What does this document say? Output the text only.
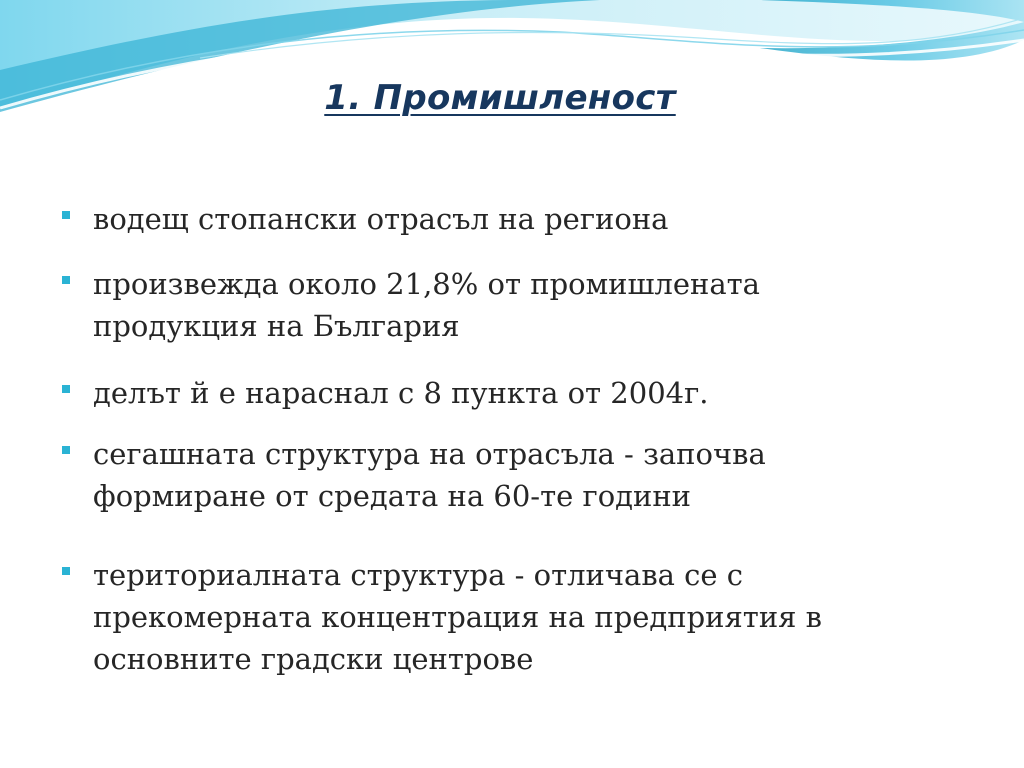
1. Промишленост
водещ стопански отрасъл на региона
произвежда около 21,8% от промишлената
продукция на България
делът й е нараснал с 8 пункта от 2004г.
сегашната структура на отрасъла - започва
формиране от средата на 60-те години
териториалната структура - отличава се с
прекомерната концентрация на предприятия в
основните градски центрове
